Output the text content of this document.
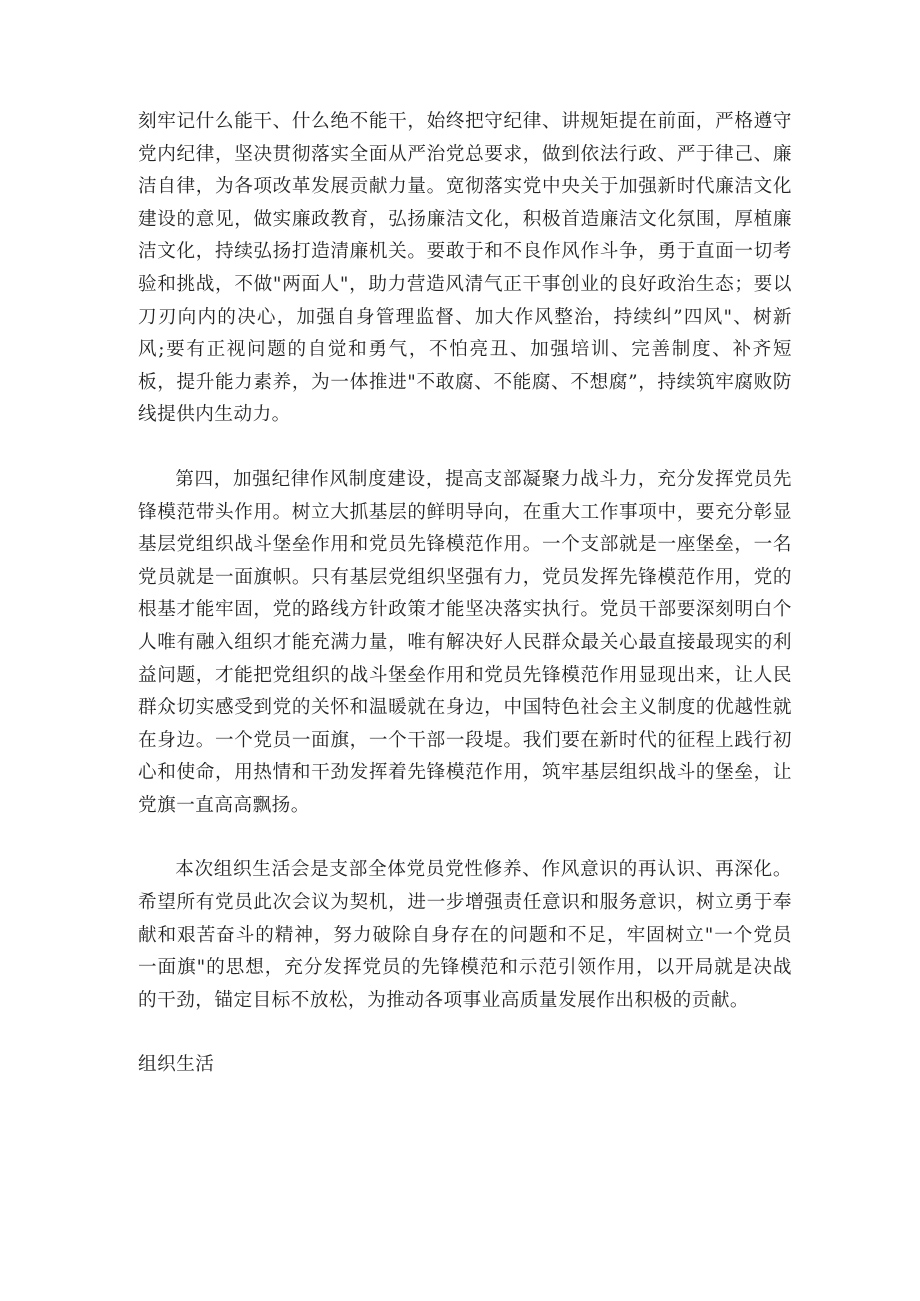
刻牢记什么能干、什么绝不能干，始终把守纪律、讲规矩提在前面，严格遵守党内纪律，坚决贯彻落实全面从严治党总要求，做到依法行政、严于律己、廉洁自律，为各项改革发展贡献力量。宽彻落实党中央关于加强新时代廉洁文化建设的意见，做实廉政教育，弘扬廉洁文化，积极首造廉洁文化氛围，厚植廉洁文化，持续弘扬打造清廉机关。要敢于和不良作风作斗争，勇于直面一切考验和挑战，不做"两面人"，助力营造风清气正干事创业的良好政治生态；要以刀刃向内的决心，加强自身管理监督、加大作风整治，持续纠”四风"、树新风;要有正视问题的自觉和勇气，不怕亮丑、加强培训、完善制度、补齐短板，提升能力素养，为一体推进"不敢腐、不能腐、不想腐”，持续筑牢腐败防线提供内生动力。

第四，加强纪律作风制度建设，提高支部凝聚力战斗力，充分发挥党员先锋模范带头作用。树立大抓基层的鲜明导向，在重大工作事项中，要充分彰显基层党组织战斗堡垒作用和党员先锋模范作用。一个支部就是一座堡垒，一名党员就是一面旗帜。只有基层党组织坚强有力，党员发挥先锋模范作用，党的根基才能牢固，党的路线方针政策才能坚决落实执行。党员干部要深刻明白个人唯有融入组织才能充满力量，唯有解决好人民群众最关心最直接最现实的利益问题，才能把党组织的战斗堡垒作用和党员先锋模范作用显现出来，让人民群众切实感受到党的关怀和温暖就在身边，中国特色社会主义制度的优越性就在身边。一个党员一面旗，一个干部一段堤。我们要在新时代的征程上践行初心和使命，用热情和干劲发挥着先锋模范作用，筑牢基层组织战斗的堡垒，让党旗一直高高飘扬。

本次组织生活会是支部全体党员党性修养、作风意识的再认识、再深化。希望所有党员此次会议为契机，进一步增强责任意识和服务意识，树立勇于奉献和艰苦奋斗的精神，努力破除自身存在的问题和不足，牢固树立"一个党员一面旗"的思想，充分发挥党员的先锋模范和示范引领作用，以开局就是决战的干劲，锚定目标不放松，为推动各项事业高质量发展作出积极的贡献。

组织生活
